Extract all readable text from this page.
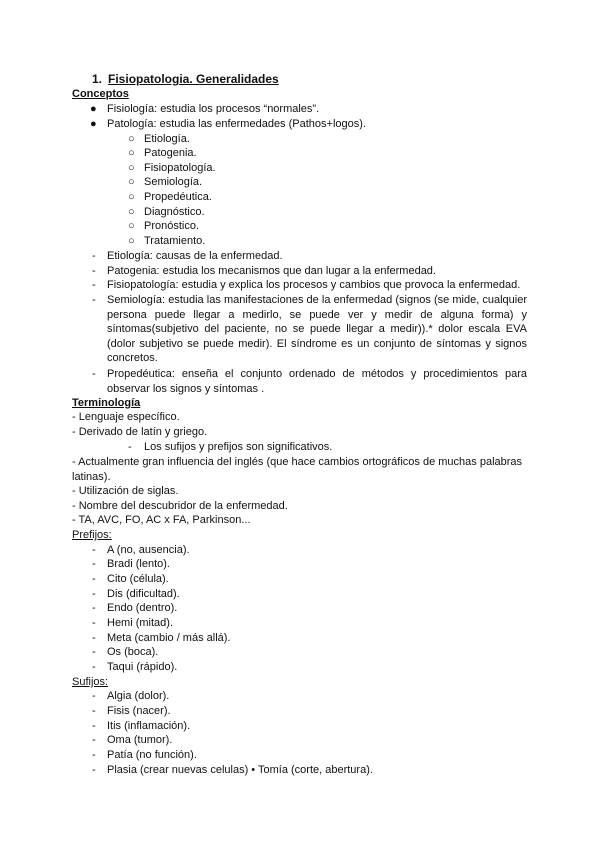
1. Fisiopatologia. Generalidades
Conceptos
● Fisiología: estudia los procesos “normales”.
● Patología: estudia las enfermedades (Pathos+logos).
○ Etiología.
○ Patogenia.
○ Fisiopatología.
○ Semiología.
○ Propedéutica.
○ Diagnóstico.
○ Pronóstico.
○ Tratamiento.
- Etiología: causas de la enfermedad.
- Patogenia: estudia los mecanismos que dan lugar a la enfermedad.
- Fisiopatología: estudia y explica los procesos y cambios que provoca la enfermedad.
- Semiología: estudia las manifestaciones de la enfermedad (signos (se mide, cualquier persona puede llegar a medirlo, se puede ver y medir de alguna forma) y síntomas(subjetivo del paciente, no se puede llegar a medir)).* dolor escala EVA (dolor subjetivo se puede medir). El síndrome es un conjunto de síntomas y signos concretos.
- Propedéutica: enseña el conjunto ordenado de métodos y procedimientos para observar los signos y síntomas .
Terminología
- Lenguaje específico.
- Derivado de latín y griego.
- Los sufijos y prefijos son significativos.
- Actualmente gran influencia del inglés (que hace cambios ortográficos de muchas palabras latinas).
- Utilización de siglas.
- Nombre del descubridor de la enfermedad.
- TA, AVC, FO, AC x FA, Parkinson...
Prefijos:
- A (no, ausencia).
- Bradi (lento).
- Cito (célula).
- Dis (dificultad).
- Endo (dentro).
- Hemi (mitad).
- Meta (cambio / más allá).
- Os (boca).
- Taqui (rápido).
Sufijos:
- Algia (dolor).
- Fisis (nacer).
- Itis (inflamación).
- Oma (tumor).
- Patía (no función).
- Plasia (crear nuevas celulas) • Tomía (corte, abertura).
